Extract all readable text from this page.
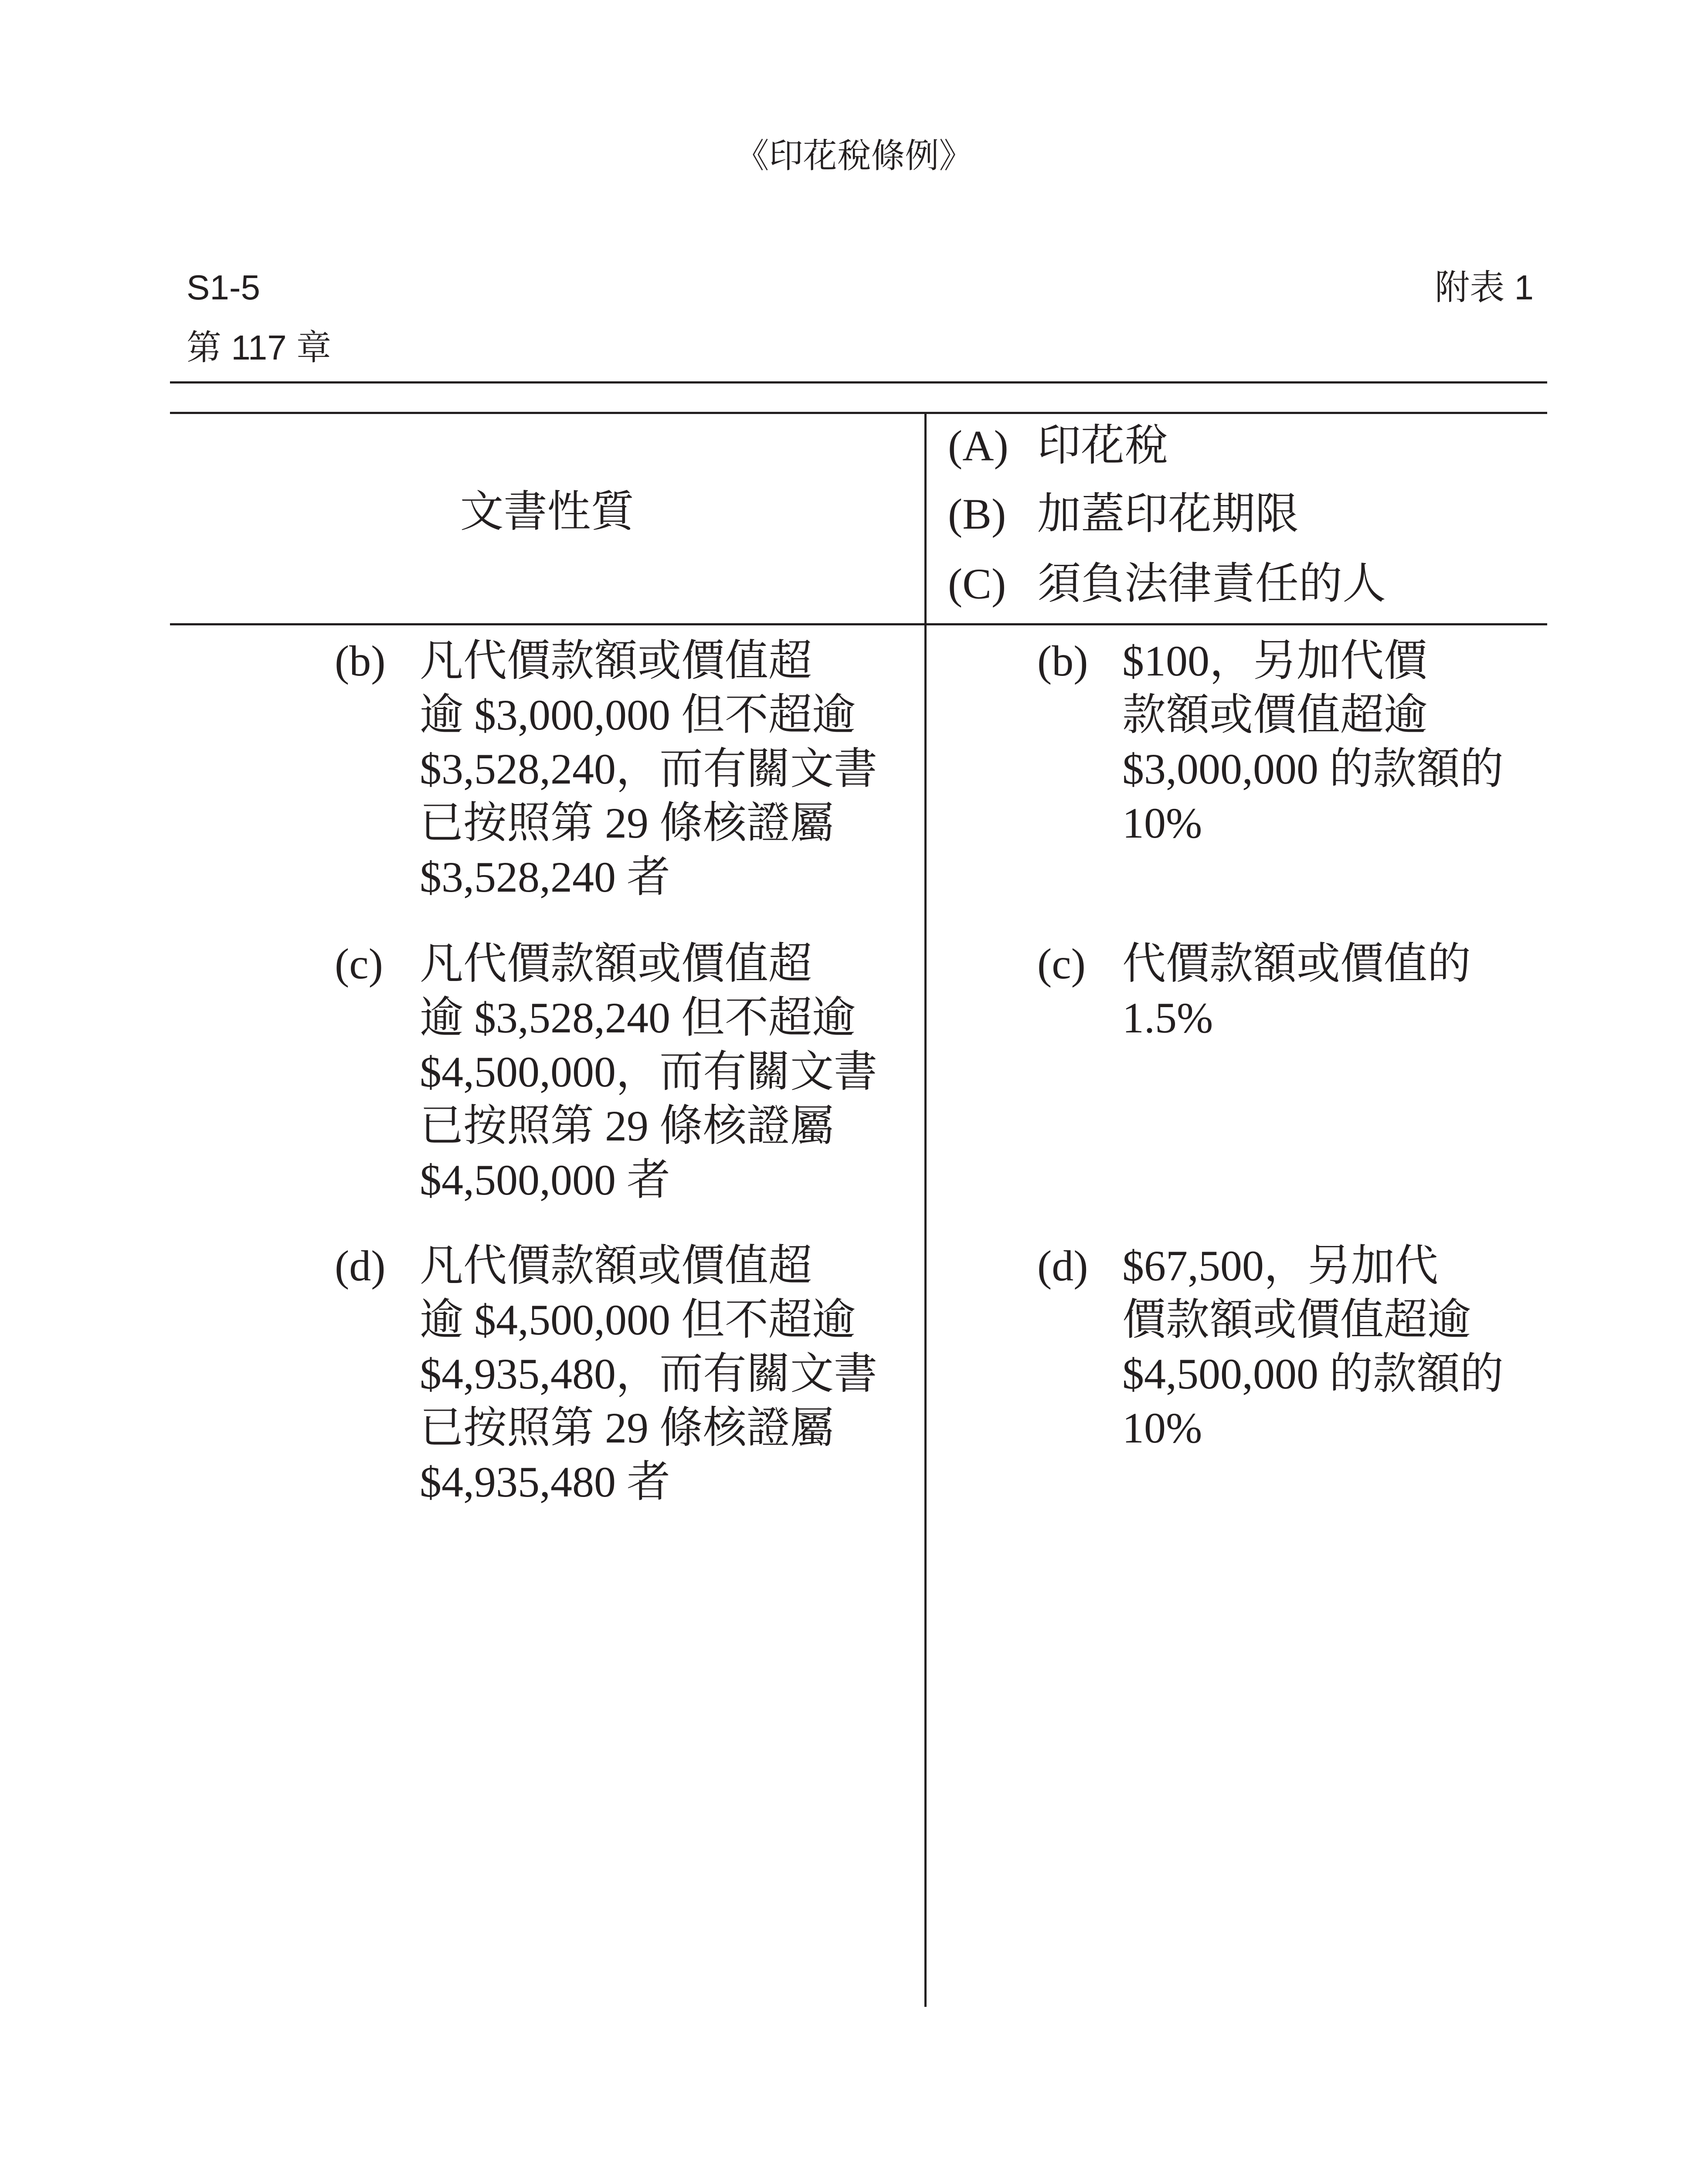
《印花稅條例》
S1-5	附表 1
第 117 章
文書性質
(A) 印花稅
(B) 加蓋印花期限
(C) 須負法律責任的人
(b) 凡代價款額或價值超
逾 $3,000,000 但不超逾
$3,528,240，而有關文書
已按照第 29 條核證屬
$3,528,240 者
(b) $100，另加代價
款額或價值超逾
$3,000,000 的款額的
10%
(c) 凡代價款額或價值超
逾 $3,528,240 但不超逾
$4,500,000，而有關文書
已按照第 29 條核證屬
$4,500,000 者
(c) 代價款額或價值的
1.5%
(d) 凡代價款額或價值超
逾 $4,500,000 但不超逾
$4,935,480，而有關文書
已按照第 29 條核證屬
$4,935,480 者
(d) $67,500，另加代
價款額或價值超逾
$4,500,000 的款額的
10%
